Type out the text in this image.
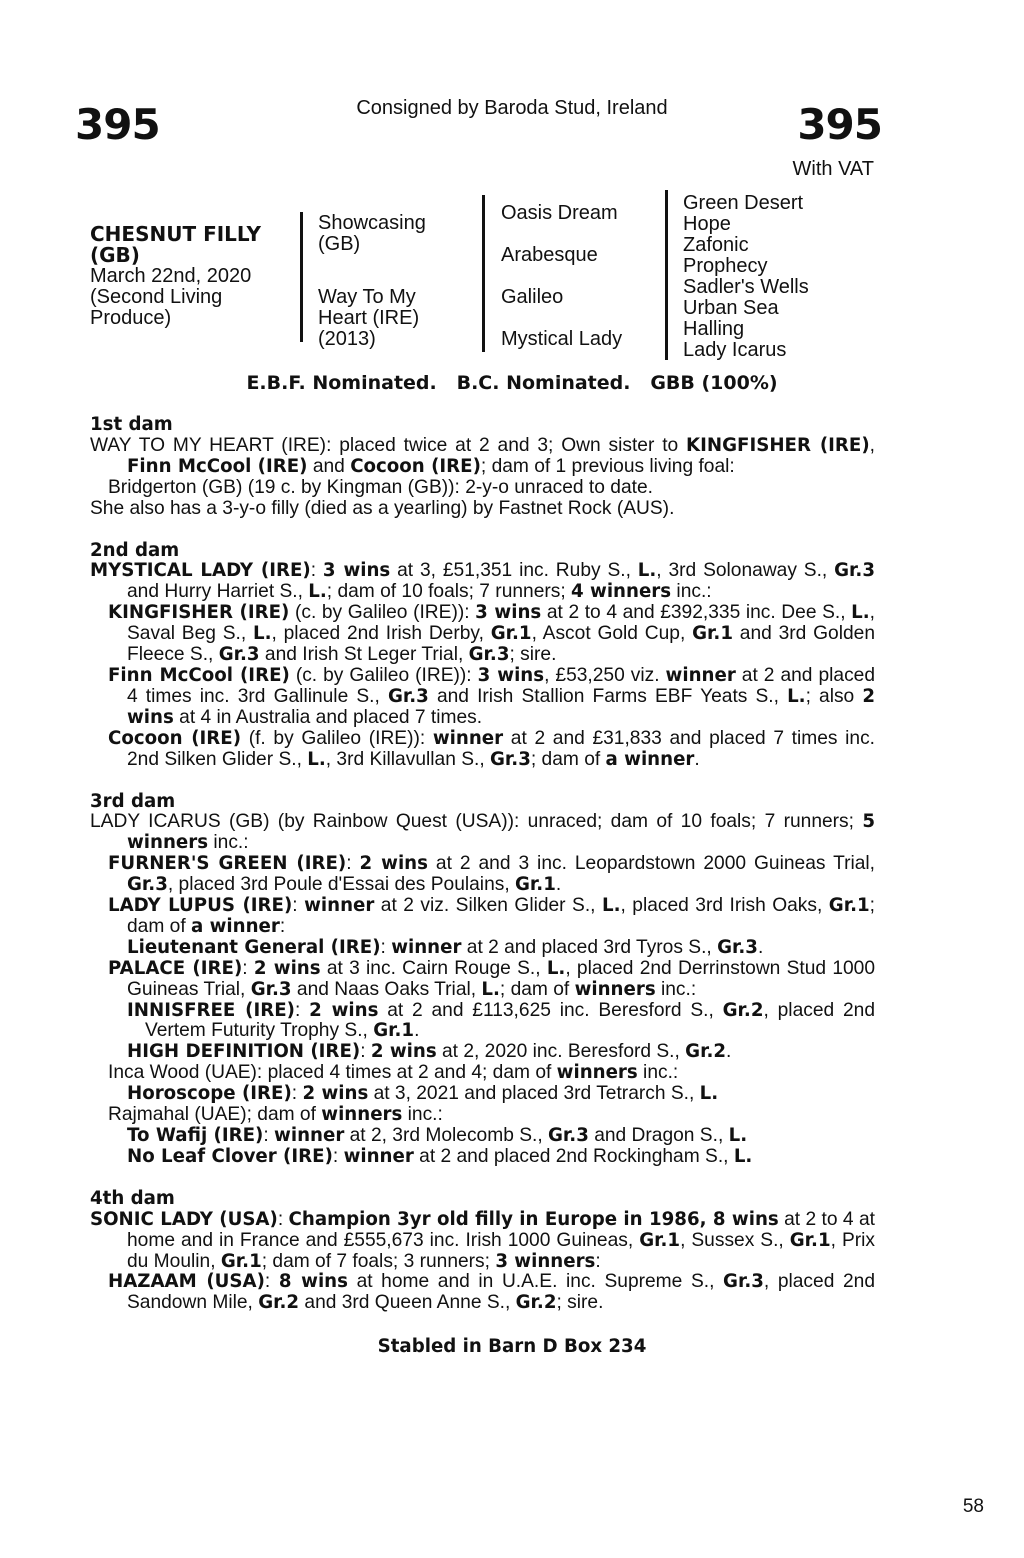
395	Consigned by Baroda Stud, Ireland	395
With VAT
CHESNUT FILLY
(GB)
March 22nd, 2020
(Second Living
Produce)
Showcasing
(GB)
Way To My
Heart (IRE)
(2013)
Oasis Dream
Arabesque
Galileo
Mystical Lady
Green Desert
Hope
Zafonic
Prophecy
Sadler's Wells
Urban Sea
Halling
Lady Icarus
E.B.F. Nominated.   B.C. Nominated.   GBB (100%)
1st dam

WAY TO MY HEART (IRE): placed twice at 2 and 3; Own sister to KINGFISHER (IRE), Finn McCool (IRE) and Cocoon (IRE); dam of 1 previous living foal:

Bridgerton (GB) (19 c. by Kingman (GB)): 2-y-o unraced to date.

She also has a 3-y-o filly (died as a yearling) by Fastnet Rock (AUS).

2nd dam

MYSTICAL LADY (IRE): 3 wins at 3, £51,351 inc. Ruby S., L., 3rd Solonaway S., Gr.3 and Hurry Harriet S., L.; dam of 10 foals; 7 runners; 4 winners inc.:

KINGFISHER (IRE) (c. by Galileo (IRE)): 3 wins at 2 to 4 and £392,335 inc. Dee S., L., Saval Beg S., L., placed 2nd Irish Derby, Gr.1, Ascot Gold Cup, Gr.1 and 3rd Golden Fleece S., Gr.3 and Irish St Leger Trial, Gr.3; sire.

Finn McCool (IRE) (c. by Galileo (IRE)): 3 wins, £53,250 viz. winner at 2 and placed 4 times inc. 3rd Gallinule S., Gr.3 and Irish Stallion Farms EBF Yeats S., L.; also 2 wins at 4 in Australia and placed 7 times.

Cocoon (IRE) (f. by Galileo (IRE)): winner at 2 and £31,833 and placed 7 times inc. 2nd Silken Glider S., L., 3rd Killavullan S., Gr.3; dam of a winner.

3rd dam

LADY ICARUS (GB) (by Rainbow Quest (USA)): unraced; dam of 10 foals; 7 runners; 5 winners inc.:

FURNER'S GREEN (IRE): 2 wins at 2 and 3 inc. Leopardstown 2000 Guineas Trial, Gr.3, placed 3rd Poule d'Essai des Poulains, Gr.1.

LADY LUPUS (IRE): winner at 2 viz. Silken Glider S., L., placed 3rd Irish Oaks, Gr.1; dam of a winner:

Lieutenant General (IRE): winner at 2 and placed 3rd Tyros S., Gr.3.

PALACE (IRE): 2 wins at 3 inc. Cairn Rouge S., L., placed 2nd Derrinstown Stud 1000 Guineas Trial, Gr.3 and Naas Oaks Trial, L.; dam of winners inc.:

INNISFREE (IRE): 2 wins at 2 and £113,625 inc. Beresford S., Gr.2, placed 2nd Vertem Futurity Trophy S., Gr.1.

HIGH DEFINITION (IRE): 2 wins at 2, 2020 inc. Beresford S., Gr.2.

Inca Wood (UAE): placed 4 times at 2 and 4; dam of winners inc.:

Horoscope (IRE): 2 wins at 3, 2021 and placed 3rd Tetrarch S., L.

Rajmahal (UAE); dam of winners inc.:

To Wafij (IRE): winner at 2, 3rd Molecomb S., Gr.3 and Dragon S., L.

No Leaf Clover (IRE): winner at 2 and placed 2nd Rockingham S., L.

4th dam

SONIC LADY (USA): Champion 3yr old filly in Europe in 1986, 8 wins at 2 to 4 at home and in France and £555,673 inc. Irish 1000 Guineas, Gr.1, Sussex S., Gr.1, Prix du Moulin, Gr.1; dam of 7 foals; 3 runners; 3 winners:

HAZAAM (USA): 8 wins at home and in U.A.E. inc. Supreme S., Gr.3, placed 2nd Sandown Mile, Gr.2 and 3rd Queen Anne S., Gr.2; sire.

Stabled in Barn D Box 234
58
